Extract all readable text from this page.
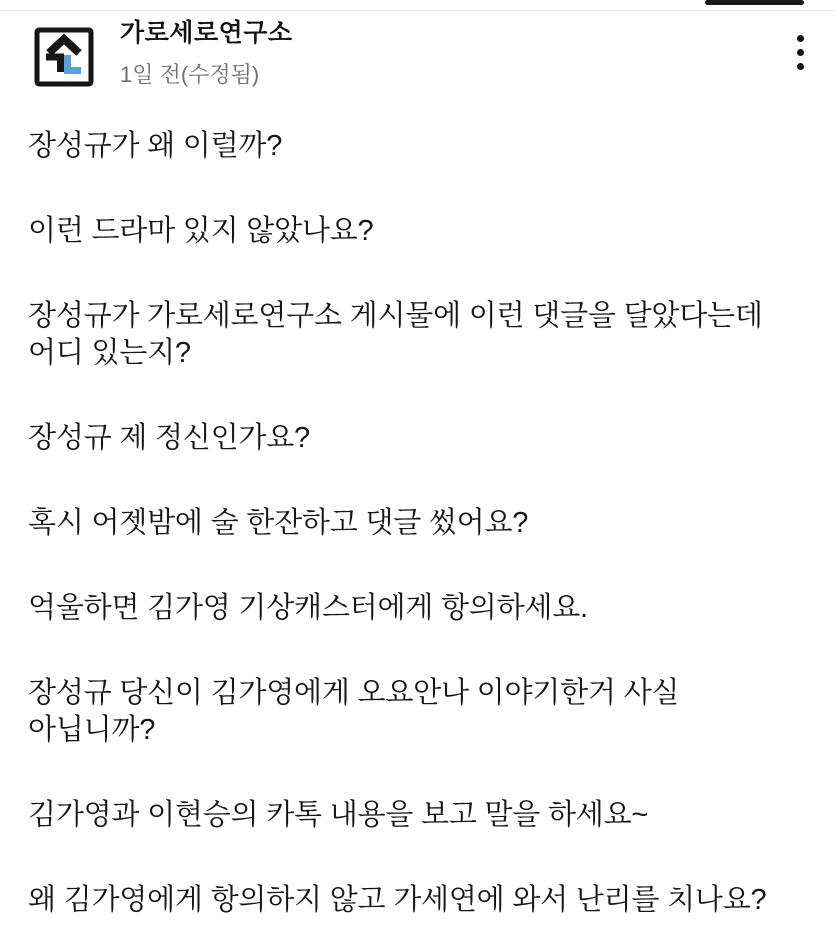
가로세로연구소
1일 전(수정됨)

장성규가 왜 이럴까?

이런 드라마 있지 않았나요?

장성규가 가로세로연구소 게시물에 이런 댓글을 달았다는데
어디 있는지?

장성규 제 정신인가요?

혹시 어젯밤에 술 한잔하고 댓글 썼어요?

억울하면 김가영 기상캐스터에게 항의하세요.

장성규 당신이 김가영에게 오요안나 이야기한거 사실
아닙니까?

김가영과 이현승의 카톡 내용을 보고 말을 하세요~

왜 김가영에게 항의하지 않고 가세연에 와서 난리를 치나요?
